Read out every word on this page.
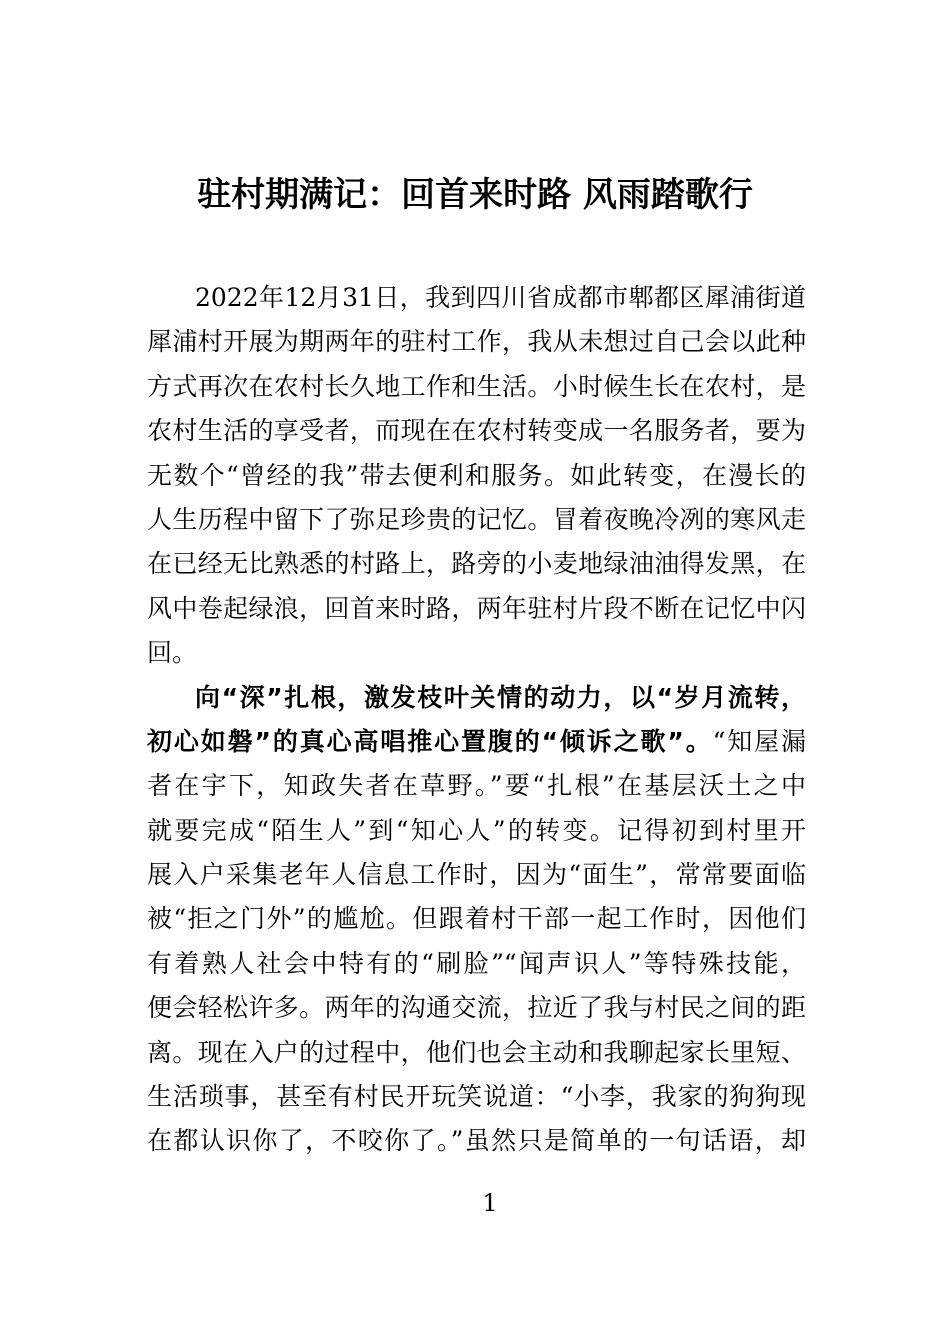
驻村期满记：回首来时路 风雨踏歌行
2022年12月31日，我到四川省成都市郫都区犀浦街道
犀浦村开展为期两年的驻村工作，我从未想过自己会以此种
方式再次在农村长久地工作和生活。小时候生长在农村，是
农村生活的享受者，而现在在农村转变成一名服务者，要为
无数个“曾经的我”带去便利和服务。如此转变，在漫长的
人生历程中留下了弥足珍贵的记忆。冒着夜晚冷冽的寒风走
在已经无比熟悉的村路上，路旁的小麦地绿油油得发黑，在
风中卷起绿浪，回首来时路，两年驻村片段不断在记忆中闪
回。
向“深”扎根，激发枝叶关情的动力，以“岁月流转，
初心如磐”的真心高唱推心置腹的“倾诉之歌”。“知屋漏
者在宇下，知政失者在草野。”要“扎根”在基层沃土之中
就要完成“陌生人”到“知心人”的转变。记得初到村里开
展入户采集老年人信息工作时，因为“面生”，常常要面临
被“拒之门外”的尴尬。但跟着村干部一起工作时，因他们
有着熟人社会中特有的“刷脸”“闻声识人”等特殊技能，
便会轻松许多。两年的沟通交流，拉近了我与村民之间的距
离。现在入户的过程中，他们也会主动和我聊起家长里短、
生活琐事，甚至有村民开玩笑说道：“小李，我家的狗狗现
在都认识你了，不咬你了。”虽然只是简单的一句话语，却
1
